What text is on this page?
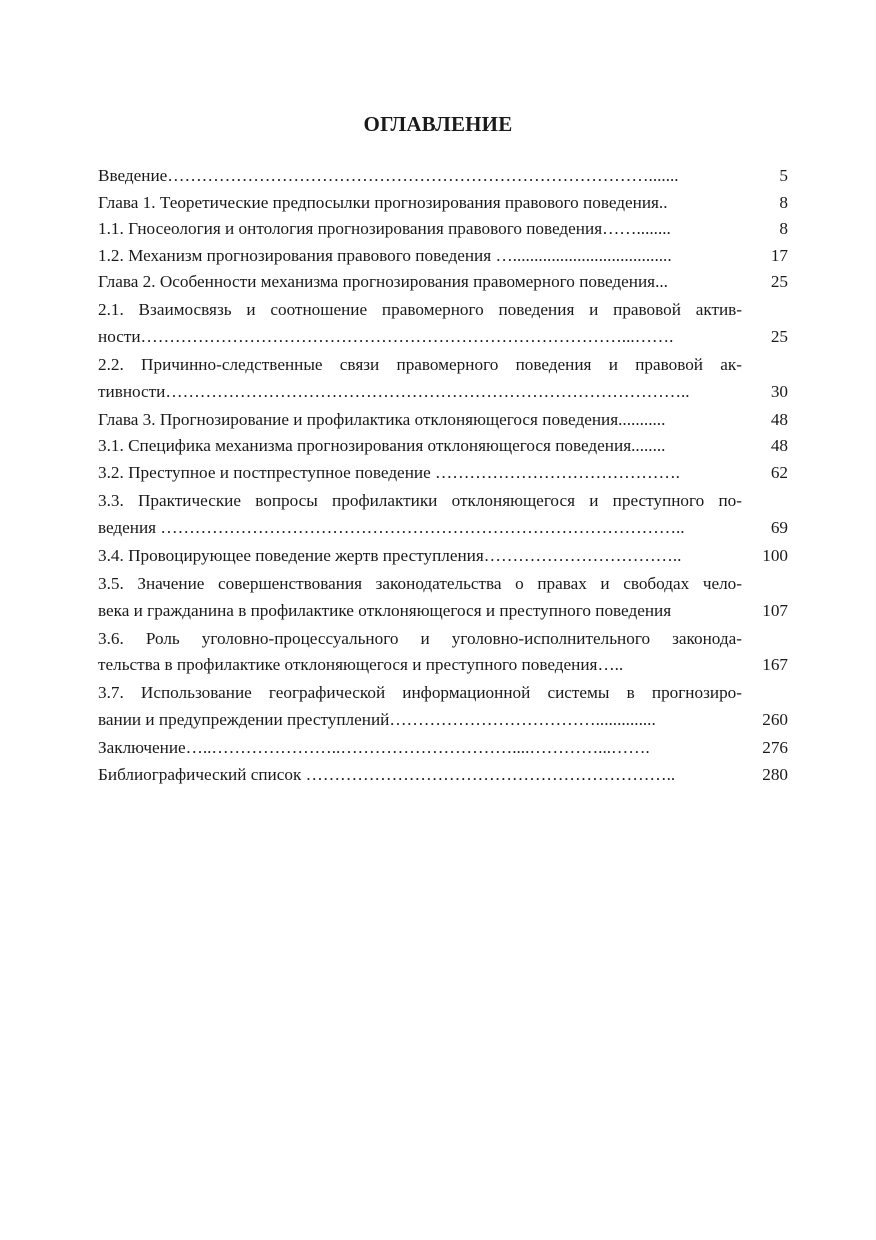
ОГЛАВЛЕНИЕ
Введение………………………………………………………………………….......	5
Глава 1. Теоретические предпосылки прогнозирования правового поведения..	8
1.1. Гносеология и онтология прогнозирования правового поведения……........	8
1.2. Механизм прогнозирования правового поведения ….....................................	17
Глава 2. Особенности механизма прогнозирования правомерного поведения...	25
2.1. Взаимосвязь и соотношение правомерного поведения и правовой актив-
ности…………………………………………………………………………...…….	25
2.2. Причинно-следственные связи правомерного поведения и правовой ак-
тивности………………………………………………………………………………..	30
Глава 3. Прогнозирование и профилактика отклоняющегося поведения...........	48
3.1. Специфика механизма прогнозирования отклоняющегося поведения........	48
3.2. Преступное и постпреступное поведение …………………………………….	62
3.3. Практические вопросы профилактики отклоняющегося и преступного по-
ведения ………………………………………………………………………………..	69
3.4. Провоцирующее поведение жертв преступления……………………………..	100
3.5. Значение совершенствования законодательства о правах и свободах чело-
века и гражданина в профилактике отклоняющегося и преступного поведения	107
3.6. Роль уголовно-процессуального и уголовно-исполнительного законода-
тельства в профилактике отклоняющегося и преступного поведения…..	167
3.7. Использование географической информационной системы в прогнозиро-
вании и предупреждении преступлений………………………………..............	260
Заключение…..…………………..…………………………....…………...…….	276
Библиографический список ………………………………………………………..	280
